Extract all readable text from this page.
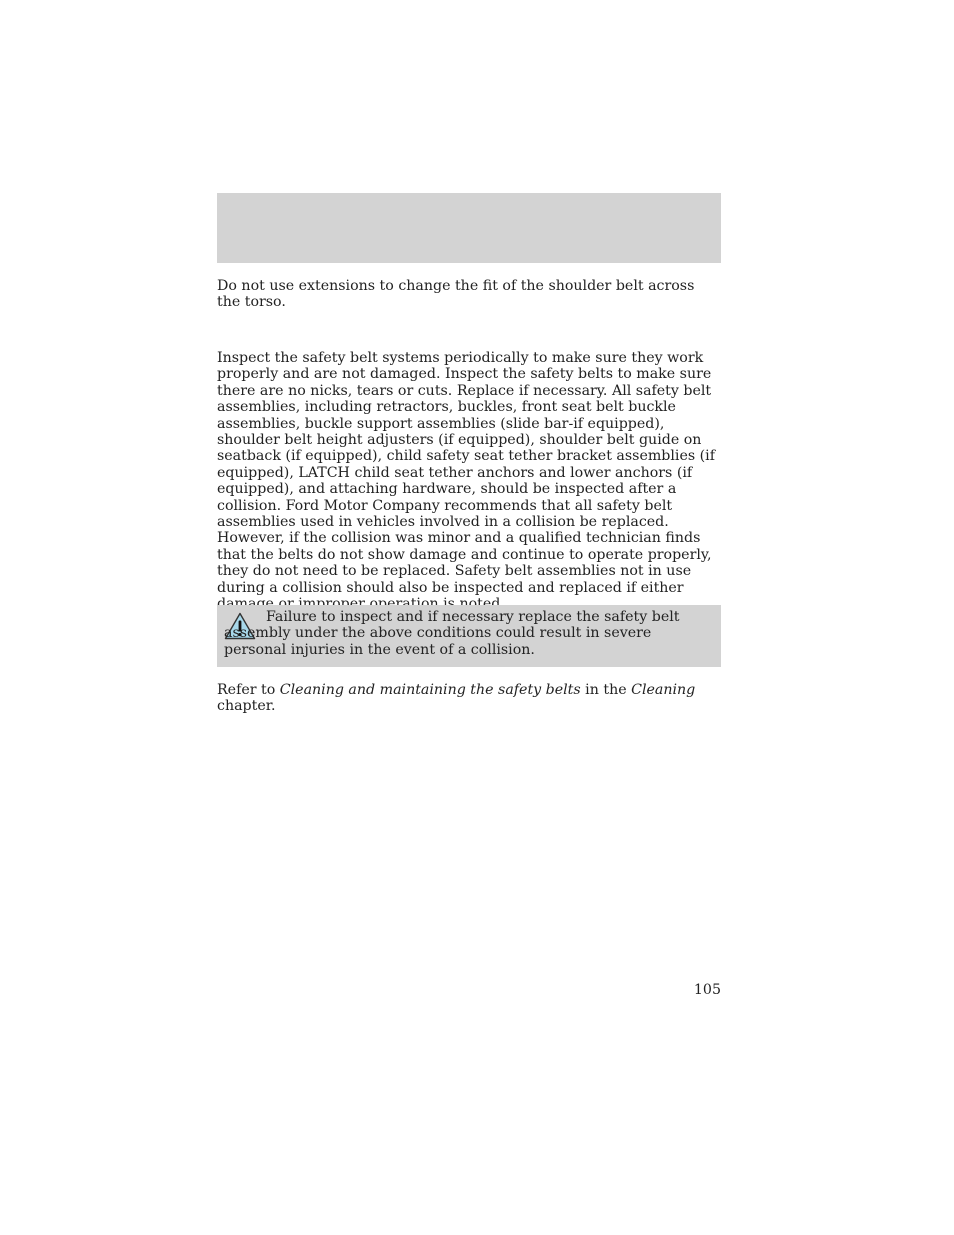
Do not use extensions to change the fit of the shoulder belt across the torso.

Inspect the safety belt systems periodically to make sure they work properly and are not damaged. Inspect the safety belts to make sure there are no nicks, tears or cuts. Replace if necessary. All safety belt assemblies, including retractors, buckles, front seat belt buckle assemblies, buckle support assemblies (slide bar-if equipped), shoulder belt height adjusters (if equipped), shoulder belt guide on seatback (if equipped), child safety seat tether bracket assemblies (if equipped), LATCH child seat tether anchors and lower anchors (if equipped), and attaching hardware, should be inspected after a collision. Ford Motor Company recommends that all safety belt assemblies used in vehicles involved in a collision be replaced. However, if the collision was minor and a qualified technician finds that the belts do not show damage and continue to operate properly, they do not need to be replaced. Safety belt assemblies not in use during a collision should also be inspected and replaced if either

Failure to inspect and if necessary replace the safety belt assembly under the above conditions could result in severe personal injuries in the event of a collision.

Refer to Cleaning and maintaining the safety belts in the Cleaning chapter.

105
